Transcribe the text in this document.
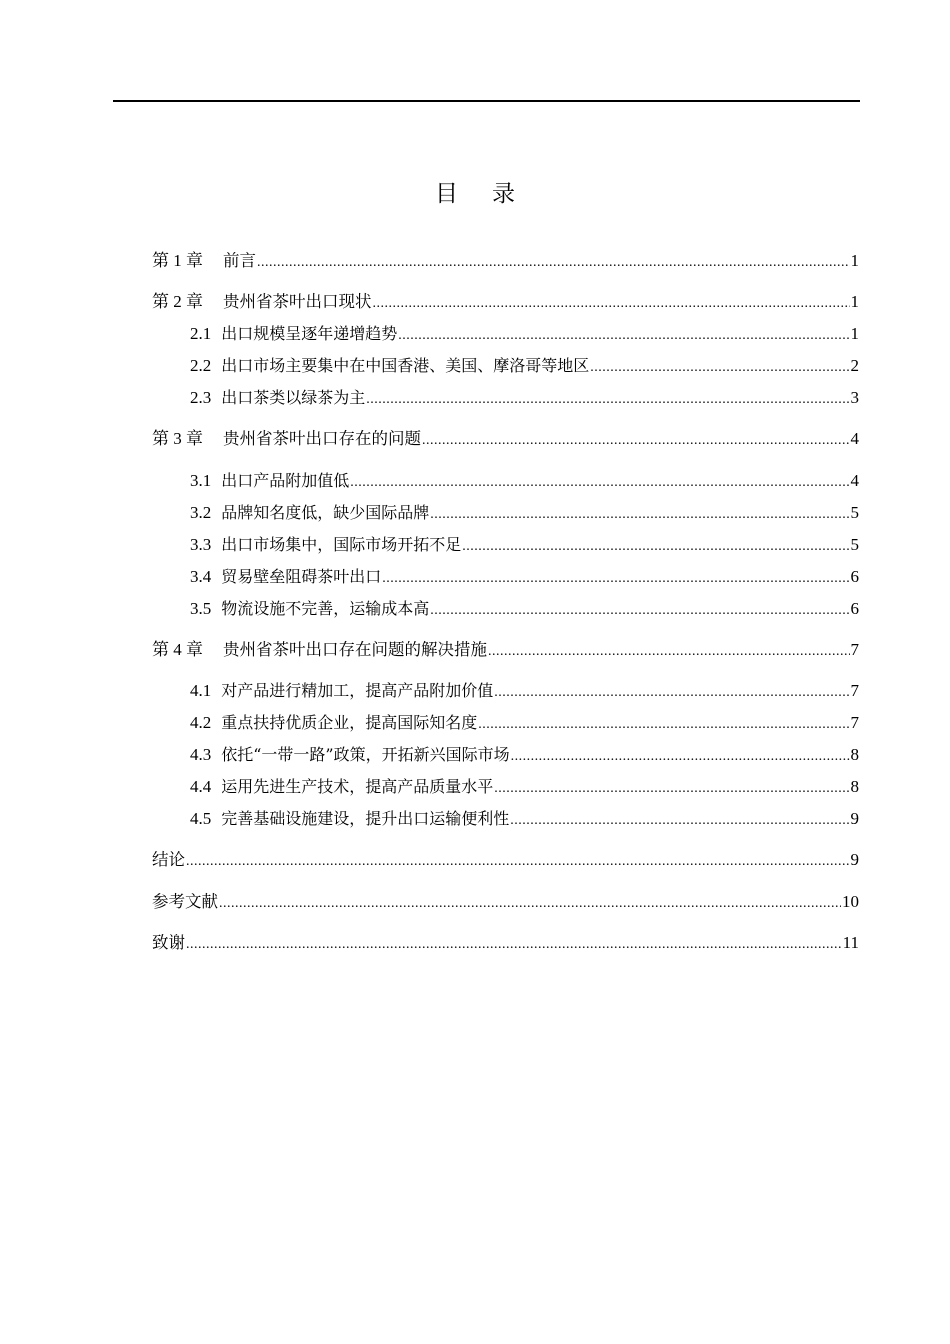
目录
第 1 章 前言 .....	1
第 2 章 贵州省茶叶出口现状 .....	1
2.1 出口规模呈逐年递增趋势 .....	1
2.2 出口市场主要集中在中国香港、美国、摩洛哥等地区 .....	2
2.3 出口茶类以绿茶为主 .....	3
第 3 章 贵州省茶叶出口存在的问题 .....	4
3.1 出口产品附加值低 .....	4
3.2 品牌知名度低，缺少国际品牌 .....	5
3.3 出口市场集中，国际市场开拓不足 .....	5
3.4 贸易壁垒阻碍茶叶出口 .....	6
3.5 物流设施不完善，运输成本高 .....	6
第 4 章 贵州省茶叶出口存在问题的解决措施 .....	7
4.1 对产品进行精加工，提高产品附加价值 .....	7
4.2 重点扶持优质企业，提高国际知名度 .....	7
4.3 依托“一带一路”政策，开拓新兴国际市场 .....	8
4.4 运用先进生产技术，提高产品质量水平 .....	8
4.5 完善基础设施建设，提升出口运输便利性 .....	9
结论 .....	9
参考文献 .....	10
致谢 .....	11
